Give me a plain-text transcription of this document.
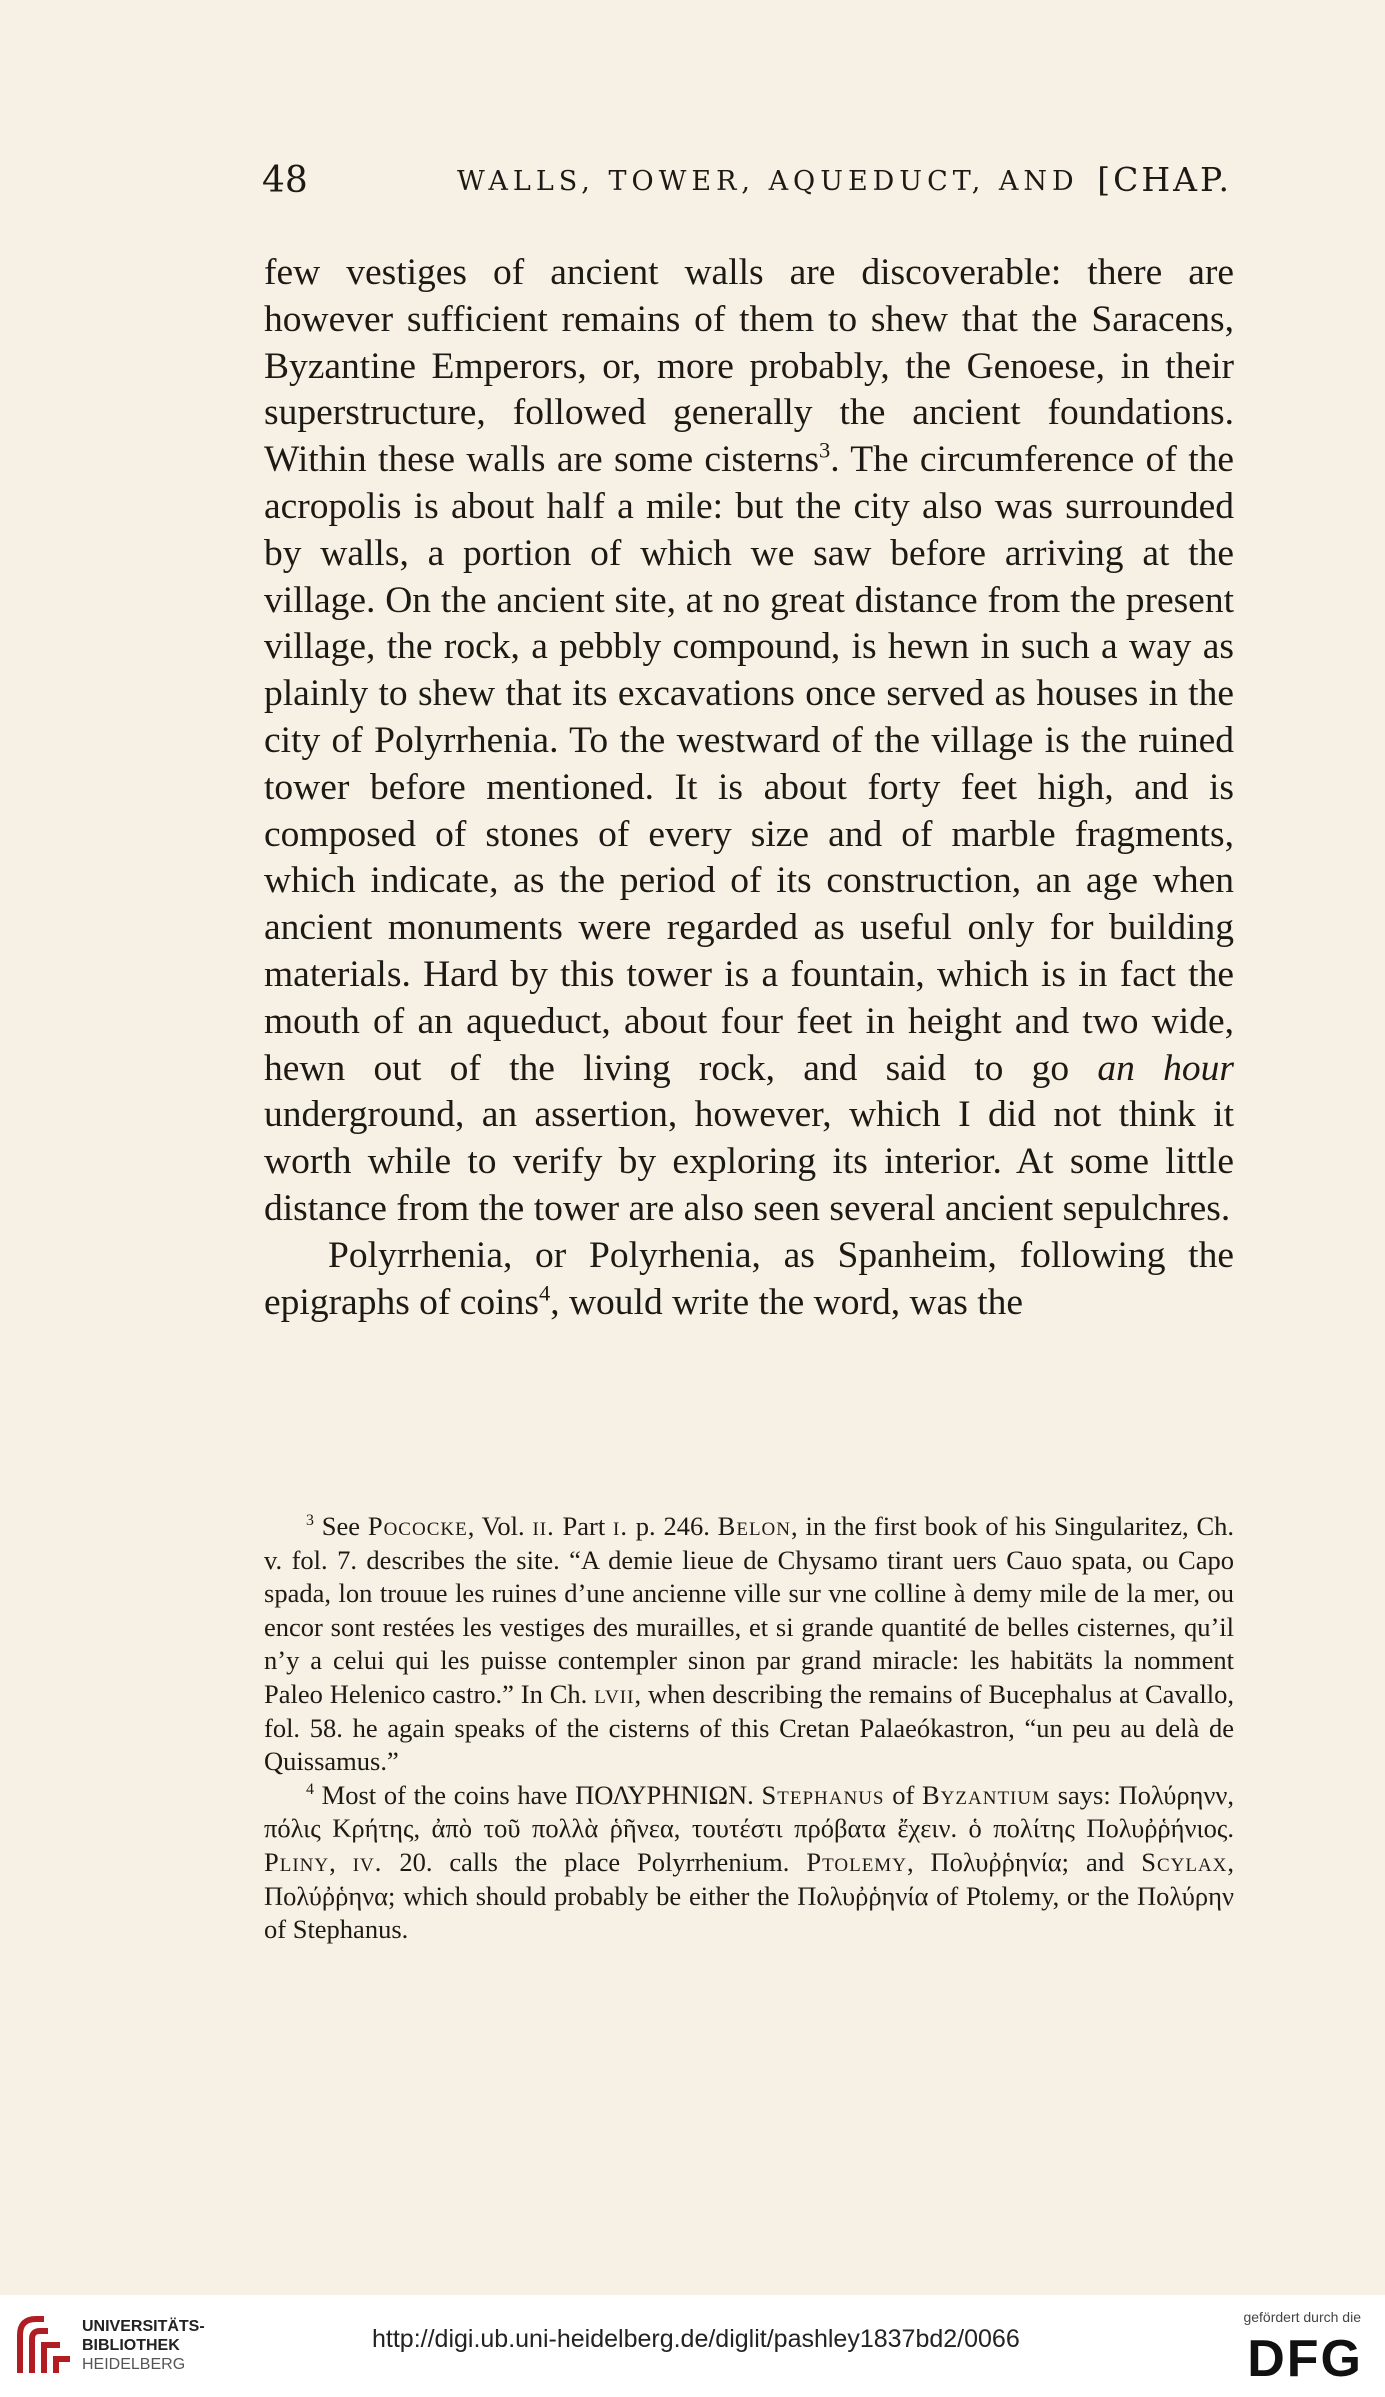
48	WALLS, TOWER, AQUEDUCT, AND [CHAP.

few vestiges of ancient walls are discoverable: there are however sufficient remains of them to shew that the Saracens, Byzantine Emperors, or, more probably, the Genoese, in their superstructure, followed generally the ancient foundations. Within these walls are some cisterns$^3$. The circumference of the acropolis is about half a mile: but the city also was surrounded by walls, a portion of which we saw before arriving at the village. On the ancient site, at no great distance from the present village, the rock, a pebbly compound, is hewn in such a way as plainly to shew that its excavations once served as houses in the city of Polyrrhenia. To the westward of the village is the ruined tower before mentioned. It is about forty feet high, and is composed of stones of every size and of marble fragments, which indicate, as the period of its construction, an age when ancient monuments were regarded as useful only for building materials. Hard by this tower is a fountain, which is in fact the mouth of an aqueduct, about four feet in height and two wide, hewn out of the living rock, and said to go an hour underground, an assertion, however, which I did not think it worth while to verify by exploring its interior. At some little distance from the tower are also seen several ancient sepulchres.

Polyrrhenia, or Polyrhenia, as Spanheim, following the epigraphs of coins$^4$, would write the word, was the

$^3$ See Pococke, Vol. ii. Part i. p. 246. Belon, in the first book of his Singularitez, Ch. v. fol. 7. describes the site. “A demie lieue de Chysamo tirant uers Cauo spata, ou Capo spada, lon trouue les ruines d’une ancienne ville sur vne colline à demy mile de la mer, ou encor sont restées les vestiges des murailles, et si grande quantité de belles cisternes, qu’il n’y a celui qui les puisse contempler sinon par grand miracle: les habitäts la nomment Paleo Helenico castro.” In Ch. lvii, when describing the remains of Bucephalus at Cavallo, fol. 58. he again speaks of the cisterns of this Cretan Palaeókastron, “un peu au delà de Quissamus.”

$^4$ Most of the coins have ΠΟΛΥΡΗΝΙΩΝ. Stephanus of Byzantium says: Πολύρηνν, πόλις Κρήτης, ἀπὸ τοῦ πολλὰ ῥῆνεα, τουτέστι πρόβατα ἔχειν. ὁ πολίτης Πολυῤῥήνιος. Pliny, iv. 20. calls the place Polyrrhenium. Ptolemy, Πολυῤῥηνία; and Scylax, Πολύῤῥηνα; which should probably be either the Πολυῤῥηνία of Ptolemy, or the Πολύρην of Stephanus.

UNIVERSITÄTS-
BIBLIOTHEK
HEIDELBERG
http://digi.ub.uni-heidelberg.de/diglit/pashley1837bd2/0066
gefördert durch die
DFG
